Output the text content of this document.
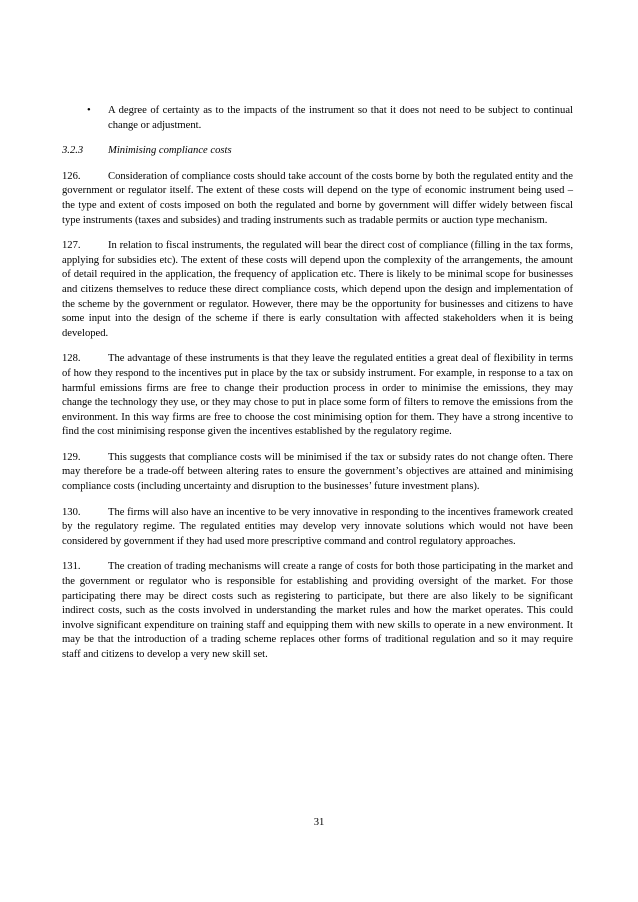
•	A degree of certainty as to the impacts of the instrument so that it does not need to be subject to continual change or adjustment.
3.2.3 Minimising compliance costs

126.	Consideration of compliance costs should take account of the costs borne by both the regulated entity and the government or regulator itself. The extent of these costs will depend on the type of economic instrument being used – the type and extent of costs imposed on both the regulated and borne by government will differ widely between fiscal type instruments (taxes and subsides) and trading instruments such as tradable permits or auction type mechanism.

127.	In relation to fiscal instruments, the regulated will bear the direct cost of compliance (filling in the tax forms, applying for subsidies etc). The extent of these costs will depend upon the complexity of the arrangements, the amount of detail required in the application, the frequency of application etc. There is likely to be minimal scope for businesses and citizens themselves to reduce these direct compliance costs, which depend upon the design and implementation of the scheme by the government or regulator. However, there may be the opportunity for businesses and citizens to have some input into the design of the scheme if there is early consultation with affected stakeholders when it is being developed.

128.	The advantage of these instruments is that they leave the regulated entities a great deal of flexibility in terms of how they respond to the incentives put in place by the tax or subsidy instrument. For example, in response to a tax on harmful emissions firms are free to change their production process in order to minimise the emissions, they may change the technology they use, or they may chose to put in place some form of filters to remove the emissions from the environment. In this way firms are free to choose the cost minimising option for them. They have a strong incentive to find the cost minimising response given the incentives established by the regulatory regime.

129.	This suggests that compliance costs will be minimised if the tax or subsidy rates do not change often. There may therefore be a trade-off between altering rates to ensure the government’s objectives are attained and minimising compliance costs (including uncertainty and disruption to the businesses’ future investment plans).

130.	The firms will also have an incentive to be very innovative in responding to the incentives framework created by the regulatory regime. The regulated entities may develop very innovate solutions which would not have been considered by government if they had used more prescriptive command and control regulatory approaches.

131.	The creation of trading mechanisms will create a range of costs for both those participating in the market and the government or regulator who is responsible for establishing and providing oversight of the market. For those participating there may be direct costs such as registering to participate, but there are also likely to be significant indirect costs, such as the costs involved in understanding the market rules and how the market operates. This could involve significant expenditure on training staff and equipping them with new skills to operate in a new environment. It may be that the introduction of a trading scheme replaces other forms of traditional regulation and so it may require staff and citizens to develop a very new skill set.

31
